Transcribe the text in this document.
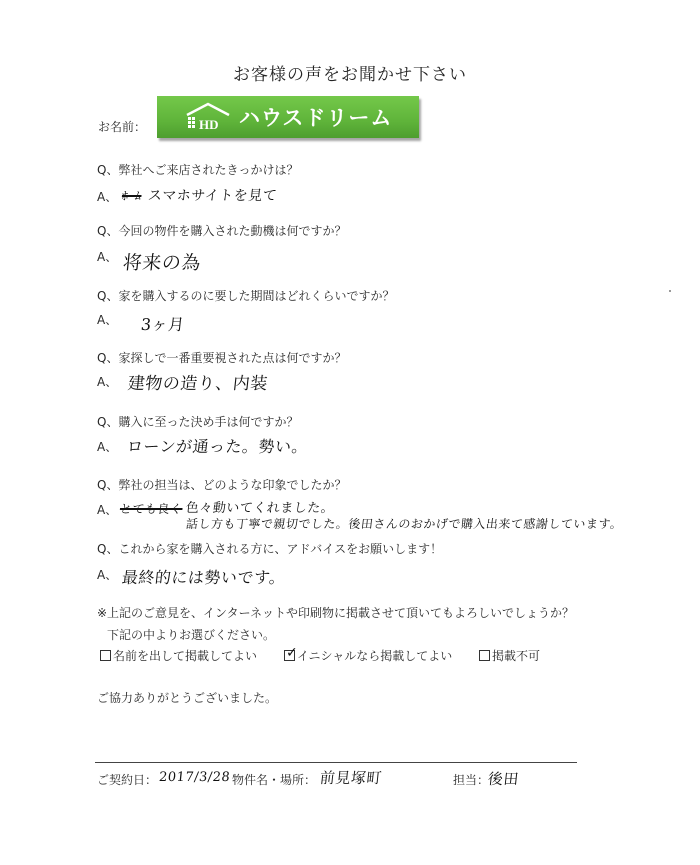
お客様の声をお聞かせ下さい
お名前：	HD ハウスドリーム
Q、弊社へご来店されたきっかけは？
A、 ﾎｰﾑ スマホサイトを見て
Q、今回の物件を購入された動機は何ですか？
A、 将来の為
Q、家を購入するのに要した期間はどれくらいですか？
A、 3ヶ月
Q、家探しで一番重要視された点は何ですか？
A、 建物の造り、内装
Q、購入に至った決め手は何ですか？
A、 ローンが通った。勢い。
Q、弊社の担当は、どのような印象でしたか？
A、 とても良く 色々動いてくれました。
話し方も丁寧で親切でした。後田さんのおかげで購入出来て感謝しています。
Q、これから家を購入される方に、アドバイスをお願いします！
A、 最終的には勢いです。
※上記のご意見を、インターネットや印刷物に掲載させて頂いてもよろしいでしょうか？
下記の中よりお選びください。
名前を出して掲載してよい ✓ イニシャルなら掲載してよい	掲載不可
ご協力ありがとうございました。
ご契約日： 2017/3/28 物件名・場所： 前見塚町	担当：
後田
